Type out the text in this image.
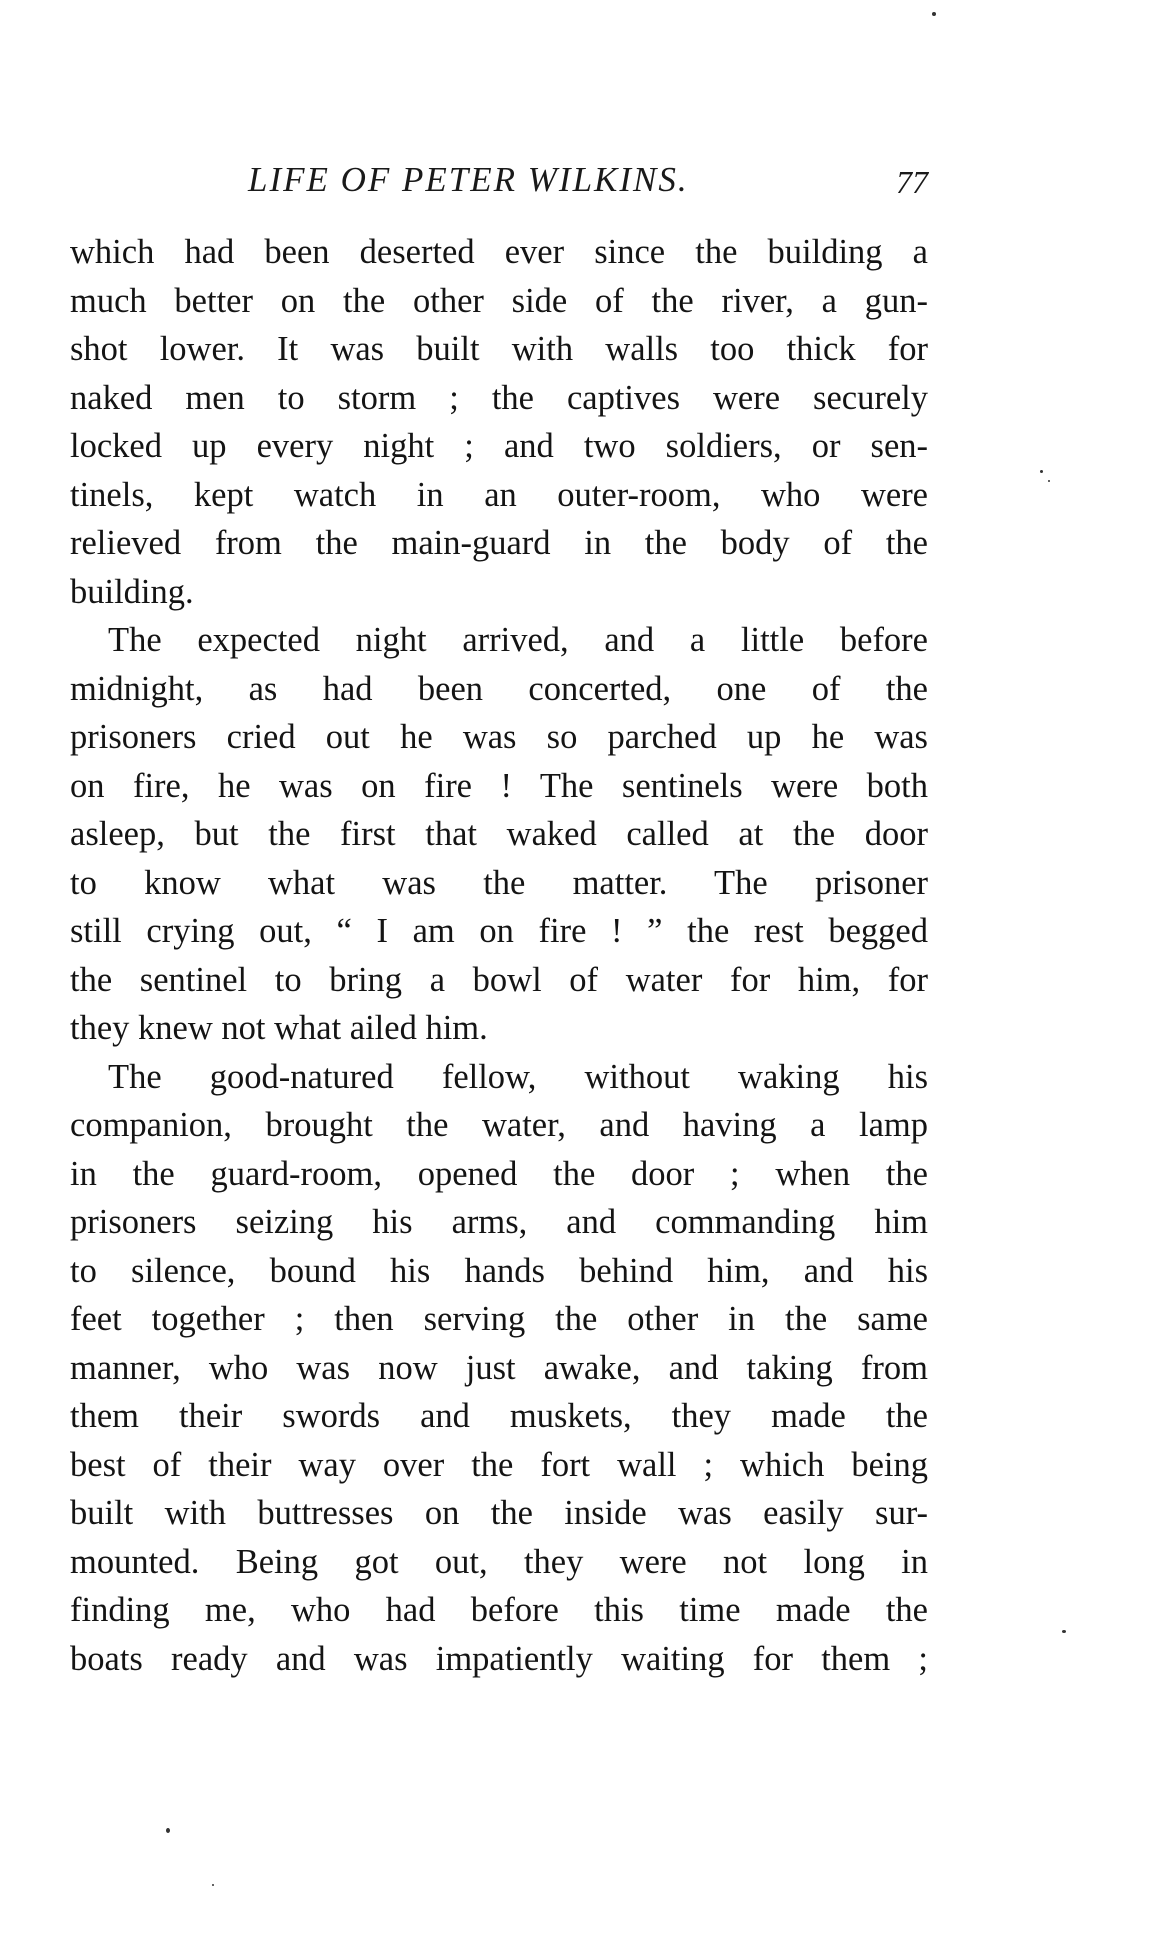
LIFE OF PETER WILKINS.	77
which had been deserted ever since the building a
much better on the other side of the river, a gun-
shot lower. It was built with walls too thick for
naked men to storm ; the captives were securely
locked up every night ; and two soldiers, or sen-
tinels, kept watch in an outer-room, who were
relieved from the main-guard in the body of the
building.
The expected night arrived, and a little before
midnight, as had been concerted, one of the
prisoners cried out he was so parched up he was
on fire, he was on fire ! The sentinels were both
asleep, but the first that waked called at the door
to know what was the matter. The prisoner
still crying out, “ I am on fire ! ” the rest begged
the sentinel to bring a bowl of water for him, for
they knew not what ailed him.
The good-natured fellow, without waking his
companion, brought the water, and having a lamp
in the guard-room, opened the door ; when the
prisoners seizing his arms, and commanding him
to silence, bound his hands behind him, and his
feet together ; then serving the other in the same
manner, who was now just awake, and taking from
them their swords and muskets, they made the
best of their way over the fort wall ; which being
built with buttresses on the inside was easily sur-
mounted. Being got out, they were not long in
finding me, who had before this time made the
boats ready and was impatiently waiting for them ;
